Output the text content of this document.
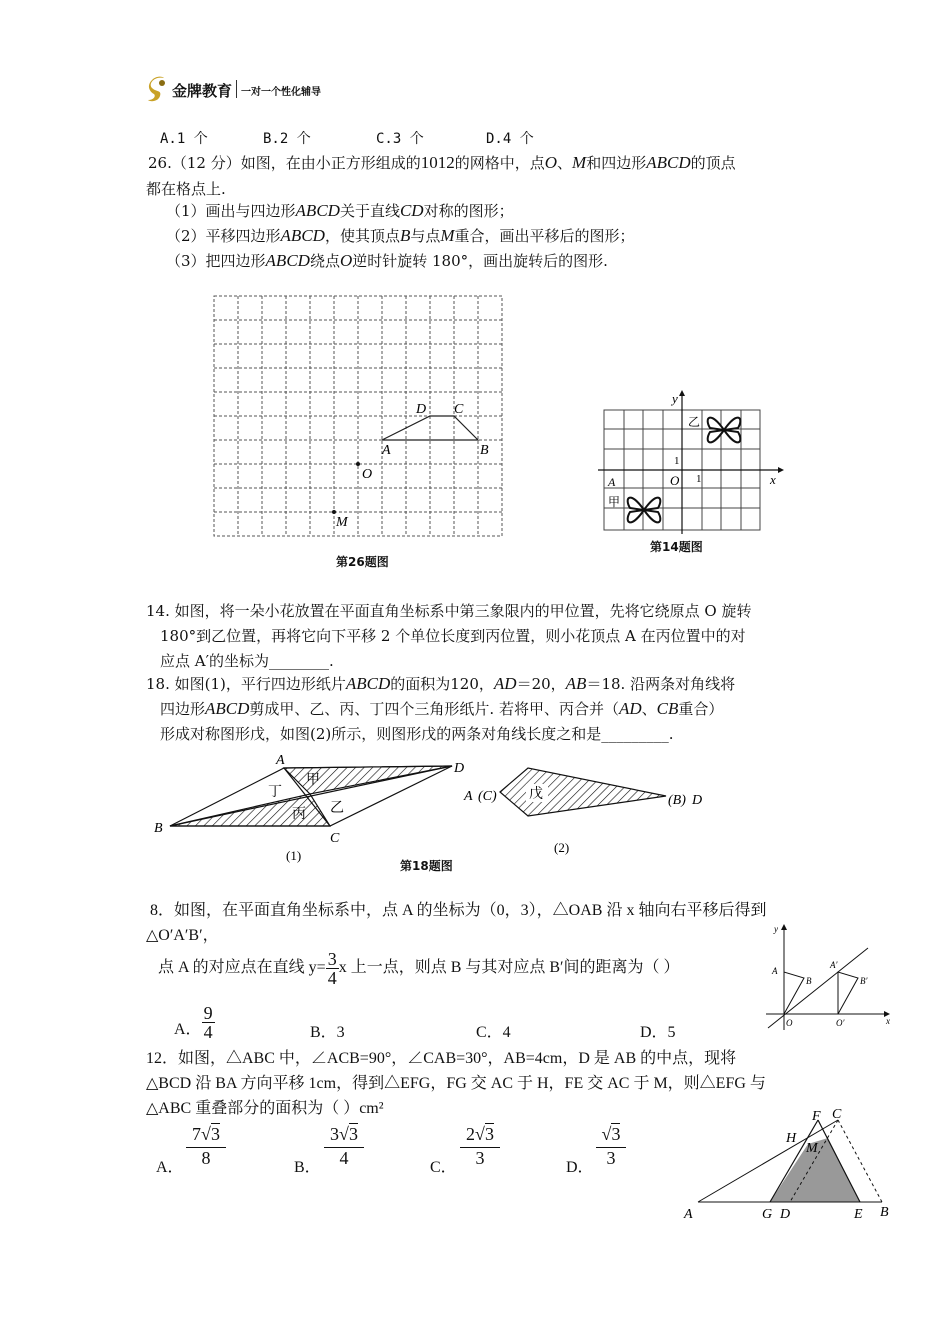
金牌教育 一对一个性化辅导
A.1 个	B.2 个	C.3 个	D.4 个
26.（12 分）如图，在由小正方形组成的1012的网格中，点O、M和四边形ABCD的顶点
都在格点上.
（1）画出与四边形ABCD关于直线CD对称的图形；
（2）平移四边形ABCD，使其顶点B与点M重合，画出平移后的图形；
（3）把四边形ABCD绕点O逆时针旋转 180°，画出旋转后的图形.
A	B
C
D
O
M
第26题图
y
x
O
1
1
A
甲
乙
第14题图
14. 如图，将一朵小花放置在平面直角坐标系中第三象限内的甲位置，先将它绕原点 O 旋转
180°到乙位置，再将它向下平移 2 个单位长度到丙位置，则小花顶点 A 在丙位置中的对
应点 A′的坐标为________.
18. 如图(1)，平行四边形纸片ABCD的面积为120，AD＝20，AB＝18. 沿两条对角线将
四边形ABCD剪成甲、乙、丙、丁四个三角形纸片. 若将甲、丙合并（AD、CB重合）
形成对称图形戊，如图(2)所示，则图形戊的两条对角线长度之和是_________.
A
D
B
C
甲
丁
乙
丙
(1)
戊
A (C)	(B) D
(2)
第18题图
8．如图，在平面直角坐标系中，点 A 的坐标为（0，3），△OAB 沿 x 轴向右平移后得到
△O′A′B′，
点 A 的对应点在直线 $y= \frac{3}{4}$ x 上一点，则点 B 与其对应点 B′间的距离为（ ）
A． $\frac{9}{4}$	B．3	C．4	D．5
y
x
O	O′
A
B
A′
B′
12．如图，△ABC 中，∠ACB=90°，∠CAB=30°，AB=4cm，D 是 AB 的中点，现将
△BCD 沿 BA 方向平移 1cm，得到△EFG，FG 交 AC 于 H，FE 交 AC 于 M，则△EFG 与
△ABC 重叠部分的面积为（ ）cm²
A．
7√3
8	B．
3√3
4	C．
2√3
3	D．
√3
3
A	G D	E B
H
M
F C
